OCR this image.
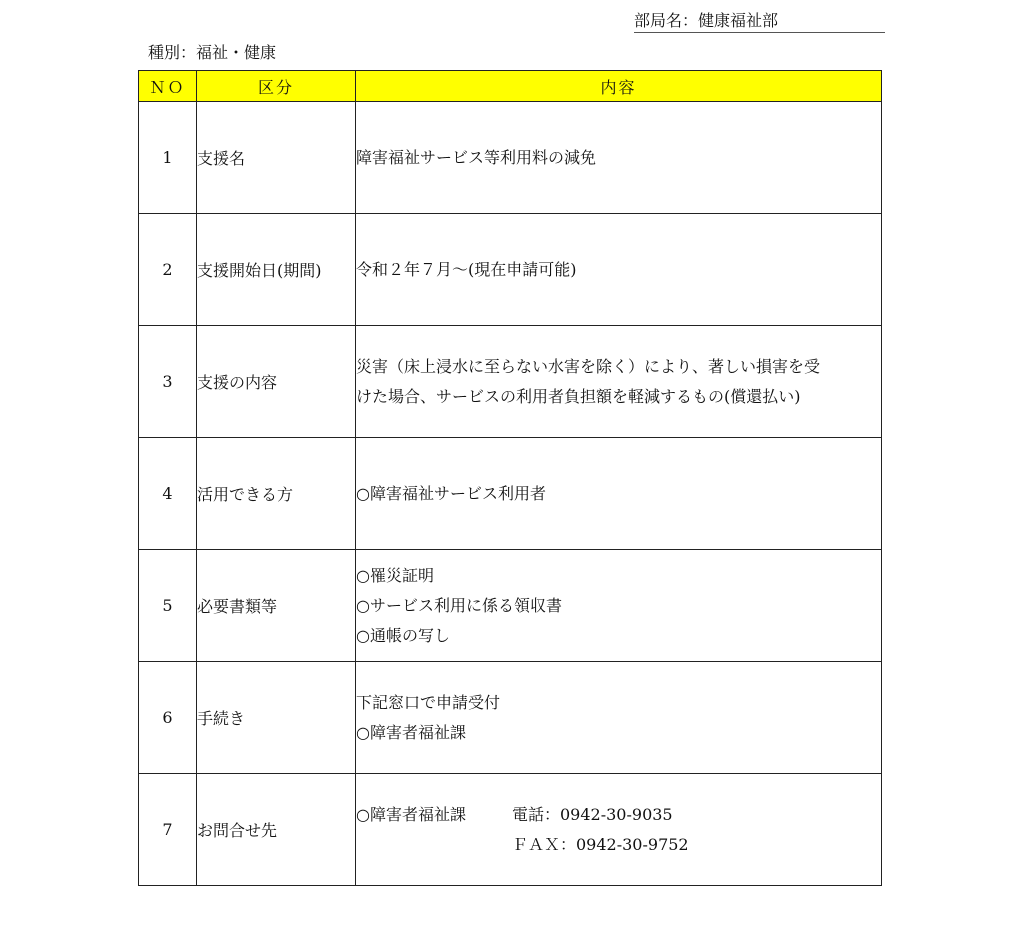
部局名：健康福祉部
種別：福祉・健康
ＮＯ	区分	内容
1	支援名	障害福祉サービス等利用料の減免

2	支援開始日(期間)	令和２年７月～(現在申請可能)

3	支援の内容	災害（床上浸水に至らない水害を除く）により、著しい損害を受
けた場合、サービスの利用者負担額を軽減するもの(償還払い)

4	活用できる方	○障害福祉サービス利用者

5	必要書類等	○罹災証明
○サービス利用に係る領収書
○通帳の写し

6	手続き	下記窓口で申請受付
○障害者福祉課

7	お問合せ先	○障害者福祉課 電話：0942-30-9035
ＦＡＸ：0942-30-9752
